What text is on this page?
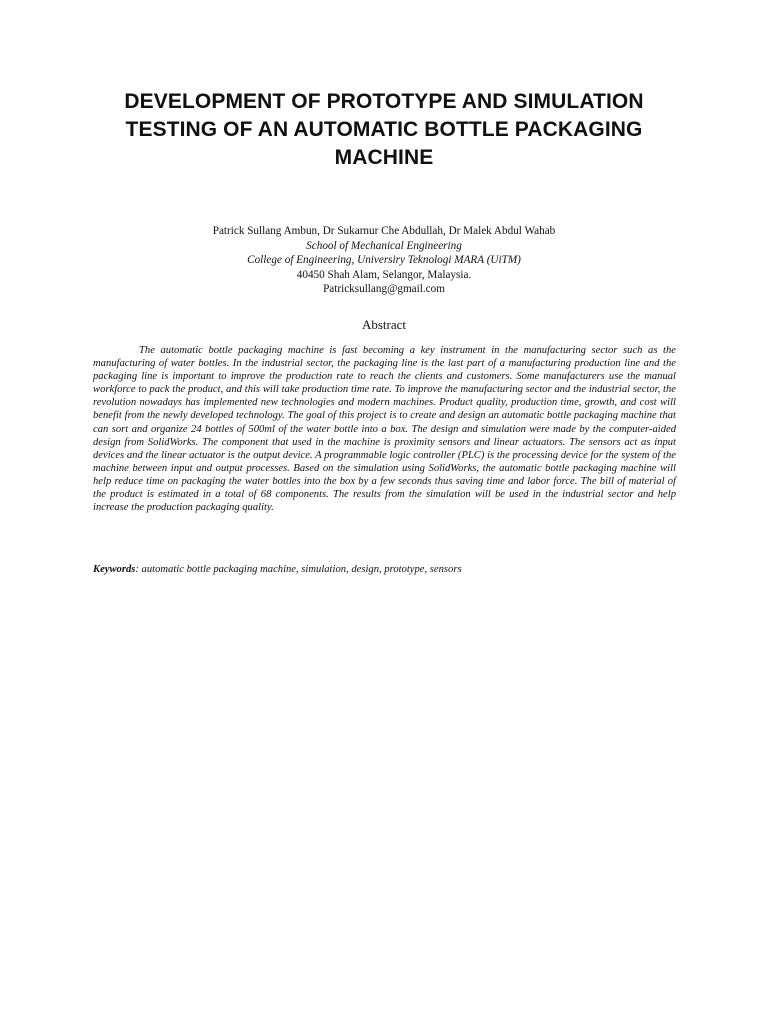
DEVELOPMENT OF PROTOTYPE AND SIMULATION
TESTING OF AN AUTOMATIC BOTTLE PACKAGING
MACHINE
Patrick Sullang Ambun, Dr Sukarnur Che Abdullah, Dr Malek Abdul Wahab
School of Mechanical Engineering
College of Engineering, Universiry Teknologi MARA (UiTM)
40450 Shah Alam, Selangor, Malaysia.
Patricksullang@gmail.com
Abstract

The automatic bottle packaging machine is fast becoming a key instrument in the manufacturing sector such as the manufacturing of water bottles. In the industrial sector, the packaging line is the last part of a manufacturing production line and the packaging line is important to improve the production rate to reach the clients and customers. Some manufacturers use the manual workforce to pack the product, and this will take production time rate. To improve the manufacturing sector and the industrial sector, the revolution nowadays has implemented new technologies and modern machines. Product quality, production time, growth, and cost will benefit from the newly developed technology. The goal of this project is to create and design an automatic bottle packaging machine that can sort and organize 24 bottles of 500ml of the water bottle into a box. The design and simulation were made by the computer-aided design from SolidWorks. The component that used in the machine is proximity sensors and linear actuators. The sensors act as input devices and the linear actuator is the output device. A programmable logic controller (PLC) is the processing device for the system of the machine between input and output processes. Based on the simulation using SolidWorks, the automatic bottle packaging machine will help reduce time on packaging the water bottles into the box by a few seconds thus saving time and labor force. The bill of material of the product is estimated in a total of 68 components. The results from the simulation will be used in the industrial sector and help increase the production packaging quality.

Keywords: automatic bottle packaging machine, simulation, design, prototype, sensors
